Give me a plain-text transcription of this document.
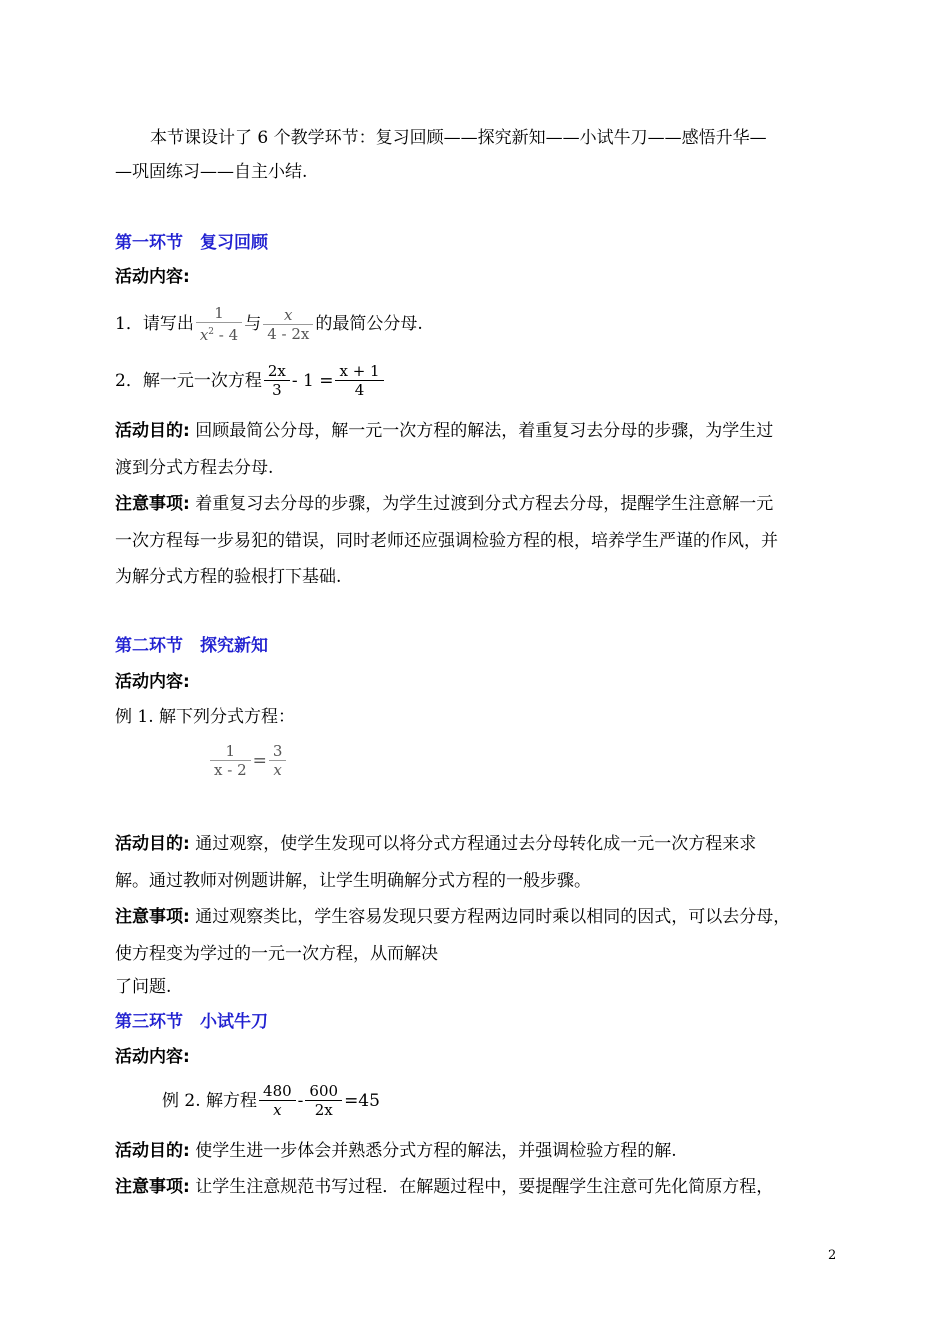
本节课设计了 6 个教学环节：复习回顾——探究新知——小试牛刀——感悟升华—
—巩固练习——自主小结.
第一环节　复习回顾
活动内容:
1．请写出 $\frac{1}{x^2 - 4}$ 与 $\frac{x}{4 - 2x}$ 的最简公分母.
2．解一元一次方程 $\frac{2x}{3} - 1 = \frac{x + 1}{4}$
活动目的: 回顾最简公分母，解一元一次方程的解法，着重复习去分母的步骤，为学生过
渡到分式方程去分母.
注意事项: 着重复习去分母的步骤，为学生过渡到分式方程去分母，提醒学生注意解一元
一次方程每一步易犯的错误，同时老师还应强调检验方程的根，培养学生严谨的作风，并
为解分式方程的验根打下基础.
第二环节　探究新知
活动内容:
例 1. 解下列分式方程：
$\frac{1}{x - 2} = \frac{3}{x}$
活动目的: 通过观察，使学生发现可以将分式方程通过去分母转化成一元一次方程来求
解。通过教师对例题讲解，让学生明确解分式方程的一般步骤。
注意事项: 通过观察类比，学生容易发现只要方程两边同时乘以相同的因式，可以去分母，
使方程变为学过的一元一次方程，从而解决
了问题.
第三环节　小试牛刀
活动内容:
例 2. 解方程 $\frac{480}{x} - \frac{600}{2x} =45$
活动目的: 使学生进一步体会并熟悉分式方程的解法，并强调检验方程的解.
注意事项: 让学生注意规范书写过程．在解题过程中，要提醒学生注意可先化简原方程，
2
